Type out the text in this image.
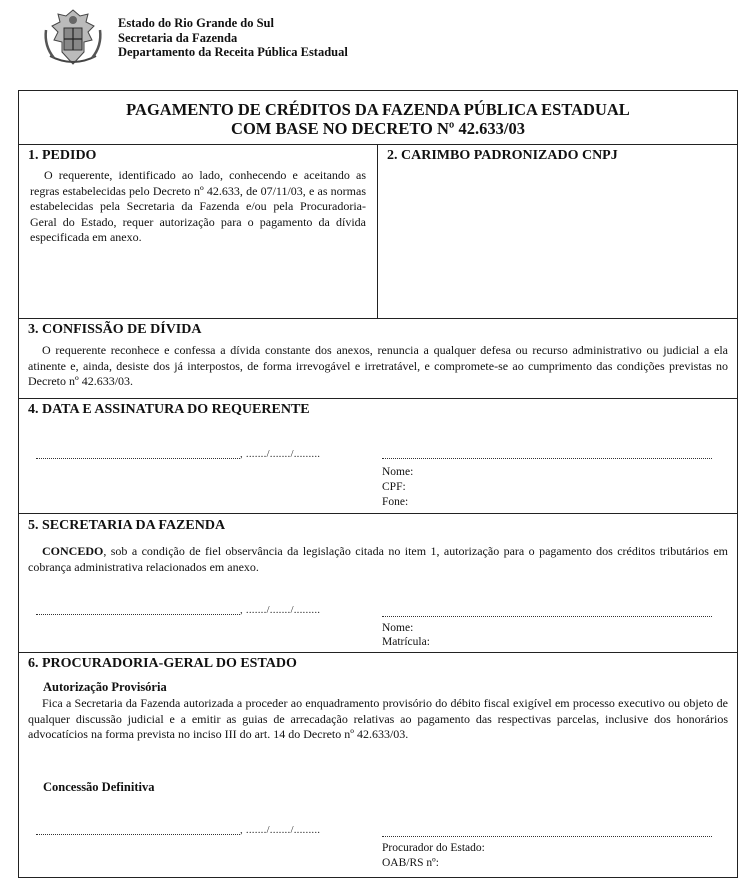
Estado do Rio Grande do Sul
Secretaria da Fazenda
Departamento da Receita Pública Estadual
PAGAMENTO DE CRÉDITOS DA FAZENDA PÚBLICA ESTADUAL
COM BASE NO DECRETO Nº 42.633/03
1. PEDIDO
O requerente, identificado ao lado, conhecendo e aceitando as regras estabelecidas pelo Decreto nº 42.633, de 07/11/03, e as normas estabelecidas pela Secretaria da Fazenda e/ou pela Procuradoria-Geral do Estado, requer autorização para o pagamento da dívida especificada em anexo.
2. CARIMBO PADRONIZADO CNPJ
3. CONFISSÃO DE DÍVIDA
O requerente reconhece e confessa a dívida constante dos anexos, renuncia a qualquer defesa ou recurso administrativo ou judicial a ela atinente e, ainda, desiste dos já interpostos, de forma irrevogável e irretratável, e compromete-se ao cumprimento das condições previstas no Decreto nº 42.633/03.
4. DATA E ASSINATURA DO REQUERENTE
, ......./......./.........
Nome:
CPF:
Fone:
5. SECRETARIA DA FAZENDA
CONCEDO, sob a condição de fiel observância da legislação citada no item 1, autorização para o pagamento dos créditos tributários em cobrança administrativa relacionados em anexo.
, ......./......./.........
Nome:
Matrícula:
6. PROCURADORIA-GERAL DO ESTADO
Autorização Provisória
Fica a Secretaria da Fazenda autorizada a proceder ao enquadramento provisório do débito fiscal exigível em processo executivo ou objeto de qualquer discussão judicial e a emitir as guias de arrecadação relativas ao pagamento das respectivas parcelas, inclusive dos honorários advocatícios na forma prevista no inciso III do art. 14 do Decreto nº 42.633/03.
Concessão Definitiva
, ......./......./.........
Procurador do Estado:
OAB/RS nº:
